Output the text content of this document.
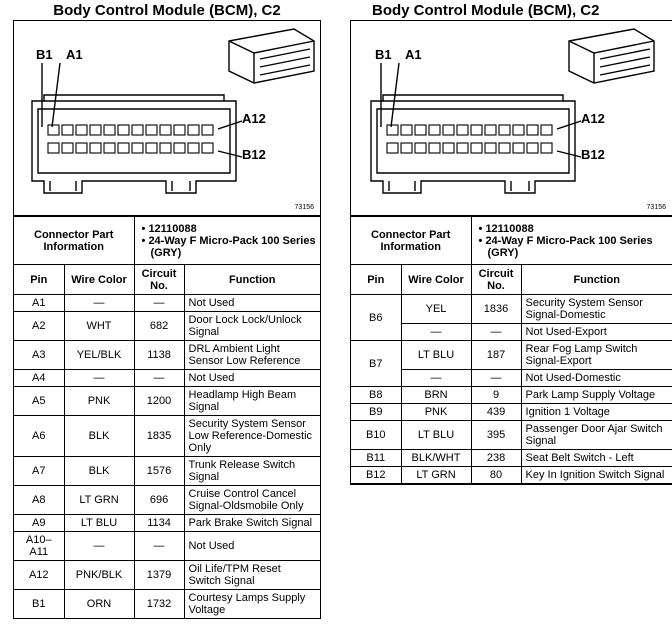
Body Control Module (BCM), C2
B1 A1
A12
B12
73156
Connector Part Information		• 12110088
• 24-Way F Micro-Pack 100 Series (GRY)

Pin	Wire Color	Circuit No.	Function
A1	—	—	Not Used
A2	WHT	682	Door Lock Lock/Unlock Signal
A3	YEL/BLK	1138	DRL Ambient Light Sensor Low Reference
A4	—	—	Not Used
A5	PNK	1200	Headlamp High Beam Signal
A6	BLK	1835	Security System Sensor Low Reference-Domestic Only
A7	BLK	1576	Trunk Release Switch Signal
A8	LT GRN	696	Cruise Control Cancel Signal-Oldsmobile Only
A9	LT BLU	1134	Park Brake Switch Signal
A10–A11	—	—	Not Used
A12	PNK/BLK	1379	Oil Life/TPM Reset Switch Signal
B1	ORN	1732	Courtesy Lamps Supply Voltage
Body Control Module (BCM), C2
B1 A1
A12
B12
73156
Connector Part Information		• 12110088
• 24-Way F Micro-Pack 100 Series (GRY)

Pin	Wire Color	Circuit No.	Function
B6	YEL	1836	Security System Sensor Signal-Domestic
	—	—	Not Used-Export
B7	LT BLU	187	Rear Fog Lamp Switch Signal-Export
	—	—	Not Used-Domestic
B8	BRN	9	Park Lamp Supply Voltage
B9	PNK	439	Ignition 1 Voltage
B10	LT BLU	395	Passenger Door Ajar Switch Signal
B11	BLK/WHT	238	Seat Belt Switch - Left
B12	LT GRN	80	Key In Ignition Switch Signal
